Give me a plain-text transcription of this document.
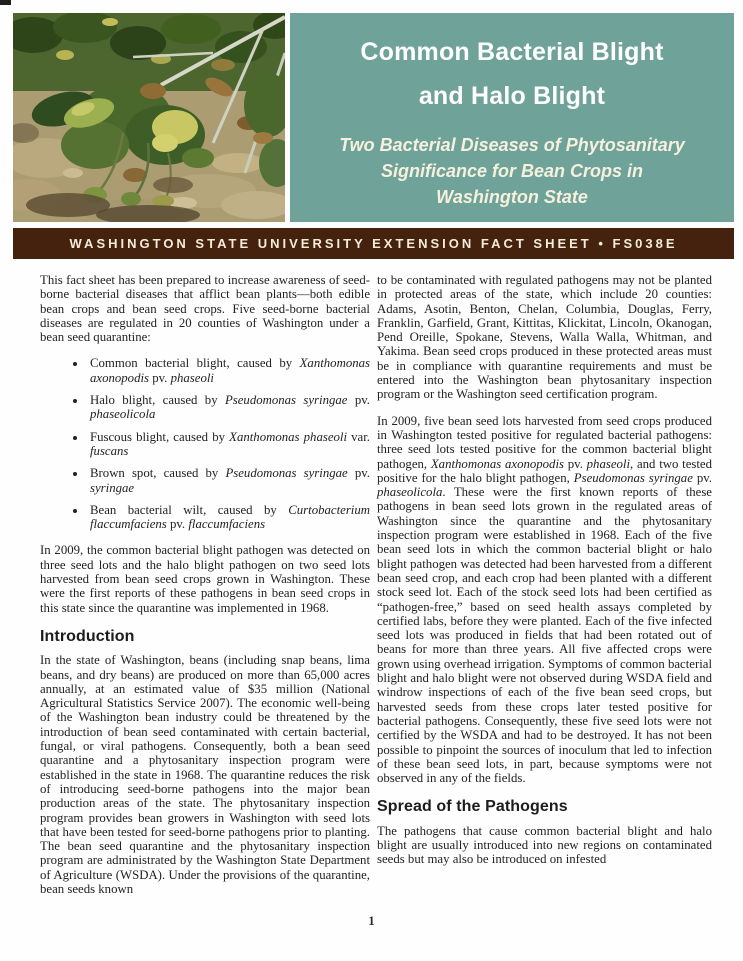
Common Bacterial Blight
and Halo Blight
Two Bacterial Diseases of Phytosanitary Significance for Bean Crops in Washington State
WASHINGTON STATE UNIVERSITY EXTENSION FACT SHEET • FS038E

This fact sheet has been prepared to increase awareness of seed-borne bacterial diseases that afflict bean plants—both edible bean crops and bean seed crops. Five seed-borne bacterial diseases are regulated in 20 counties of Washington under a bean seed quarantine:

• Common bacterial blight, caused by Xanthomonas axonopodis pv. phaseoli
• Halo blight, caused by Pseudomonas syringae pv. phaseolicola
• Fuscous blight, caused by Xanthomonas phaseoli var. fuscans
• Brown spot, caused by Pseudomonas syringae pv. syringae
• Bean bacterial wilt, caused by Curtobacterium flaccumfaciens pv. flaccumfaciens

In 2009, the common bacterial blight pathogen was detected on three seed lots and the halo blight pathogen on two seed lots harvested from bean seed crops grown in Washington. These were the first reports of these pathogens in bean seed crops in this state since the quarantine was implemented in 1968.

Introduction

In the state of Washington, beans (including snap beans, lima beans, and dry beans) are produced on more than 65,000 acres annually, at an estimated value of $35 million (National Agricultural Statistics Service 2007). The economic well-being of the Washington bean industry could be threatened by the introduction of bean seed contaminated with certain bacterial, fungal, or viral pathogens. Consequently, both a bean seed quarantine and a phytosanitary inspection program were established in the state in 1968. The quarantine reduces the risk of introducing seed-borne pathogens into the major bean production areas of the state. The phytosanitary inspection program provides bean growers in Washington with seed lots that have been tested for seed-borne pathogens prior to planting. The bean seed quarantine and the phytosanitary inspection program are administrated by the Washington State Department of Agriculture (WSDA). Under the provisions of the quarantine, bean seeds known

to be contaminated with regulated pathogens may not be planted in protected areas of the state, which include 20 counties: Adams, Asotin, Benton, Chelan, Columbia, Douglas, Ferry, Franklin, Garfield, Grant, Kittitas, Klickitat, Lincoln, Okanogan, Pend Oreille, Spokane, Stevens, Walla Walla, Whitman, and Yakima. Bean seed crops produced in these protected areas must be in compliance with quarantine requirements and must be entered into the Washington bean phytosanitary inspection program or the Washington seed certification program.

In 2009, five bean seed lots harvested from seed crops produced in Washington tested positive for regulated bacterial pathogens: three seed lots tested positive for the common bacterial blight pathogen, Xanthomonas axonopodis pv. phaseoli, and two tested positive for the halo blight pathogen, Pseudomonas syringae pv. phaseolicola. These were the first known reports of these pathogens in bean seed lots grown in the regulated areas of Washington since the quarantine and the phytosanitary inspection program were established in 1968. Each of the five bean seed lots in which the common bacterial blight or halo blight pathogen was detected had been harvested from a different bean seed crop, and each crop had been planted with a different stock seed lot. Each of the stock seed lots had been certified as “pathogen-free,” based on seed health assays completed by certified labs, before they were planted. Each of the five infected seed lots was produced in fields that had been rotated out of beans for more than three years. All five affected crops were grown using overhead irrigation. Symptoms of common bacterial blight and halo blight were not observed during WSDA field and windrow inspections of each of the five bean seed crops, but harvested seeds from these crops later tested positive for bacterial pathogens. Consequently, these five seed lots were not certified by the WSDA and had to be destroyed. It has not been possible to pinpoint the sources of inoculum that led to infection of these bean seed lots, in part, because symptoms were not observed in any of the fields.

Spread of the Pathogens

The pathogens that cause common bacterial blight and halo blight are usually introduced into new regions on contaminated seeds but may also be introduced on infested

1
